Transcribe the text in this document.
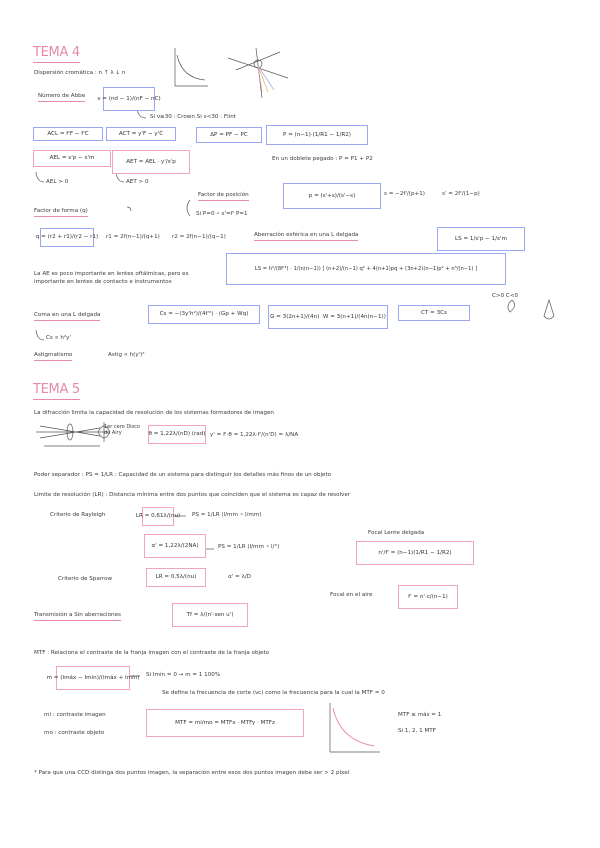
TEMA 4
Dispersión cromática : n ↑ λ ↓ n
Número de Abbe ν = (nd − 1)/(nF − nC)
Si ν≥30 : Crown Si ν<30 : Flint
ACL = f'F − f'C	ACT = y'F − y'C	ΔP = PF − PC	P = (n−1)·(1/R1 − 1/R2)
En un doblete pegado : P = P1 + P2
AEL = s'p − s'm
AET = AEL · y'/s'p
AEL > 0	AET > 0
Factor de posición	p = (s'+s)/(s'−s)	s = −2f'/(p+1)	s' = 2f'/(1−p)
Si P=0 ∘ s'=f' P=1
Factor de forma (q)
q = (r2 + r1)/(r2 − r1) r1 = 2f(n−1)/(q+1) r2 = 2f(n−1)/(q−1)	Aberración esférica en una L delgada
LS = 1/s'p − 1/s'm
LS = h²/(8f'³) · 1/(n(n−1)) [ (n+2)/(n−1) q² + 4(n+1)pq + (3n+2)(n−1)p² + n³/(n−1) ]
La AE es poco importante en lentes oftálmicas, pero es importante en lentes de contacto e instrumentos
C>0 C<0
Coma en una L delgada	Cs = −(3y'h²)/(4f'²) · (Gp + Wq)	G = 3(2n+1)/(4n)
W = 3(n+1)/(4n(n−1))
CT = 3Cs
Cs ∝ h²y'
Astigmatismo	Astig ∝ h(y')²
TEMA 5
La difracción limita la capacidad de resolución de los sistemas formadores de imagen
1er cero Disco de Airy	θ = 1,22λ/(nD) (rad) y' = f'·θ = 1,22λ·f'/(n'D) = λ/NA
Poder separador : PS = 1/LR : Capacidad de un sistema para distinguir los detalles más finos de un objeto
Límite de resolución (LR) : Distancia mínima entre dos puntos que coinciden que el sistema es capaz de resolver
Criterio de Rayleigh	LR = 0,61λ/(nu) PS = 1/LR (l/mm ∘ l/mm)
α' = 1,22λ/(2NA)	PS = 1/LR (l/mm ∘ l/°)
Criterio de Sparrow	LR = 0,5λ/(nu)	α' = λ/D
Focal Lente delgada
n'/f' = (n−1)(1/R1 − 1/R2)
Focal en el aire	f' = n'·c/(n−1)
Transmisión a Sin aberraciones	Tf = λ/(n'·sen u')
MTF : Relaciona el contraste de la franja imagen con el contraste de la franja objeto
m = (Imáx − Imín)/(Imáx + Imín) Si Imín = 0 → m = 1 100%
Se define la frecuencia de corte (νc) como la frecuencia para la cual la MTF = 0
mi : contraste imagen
mo : contraste objeto
MTF = mi/mo = MTFx · MTFy · MTFz
MTF ≤ más = 1
Si 1, 2, 1 MTF
* Para que una CCD distinga dos puntos imagen, la separación entre esos dos puntos imagen debe ser > 2 píxel
